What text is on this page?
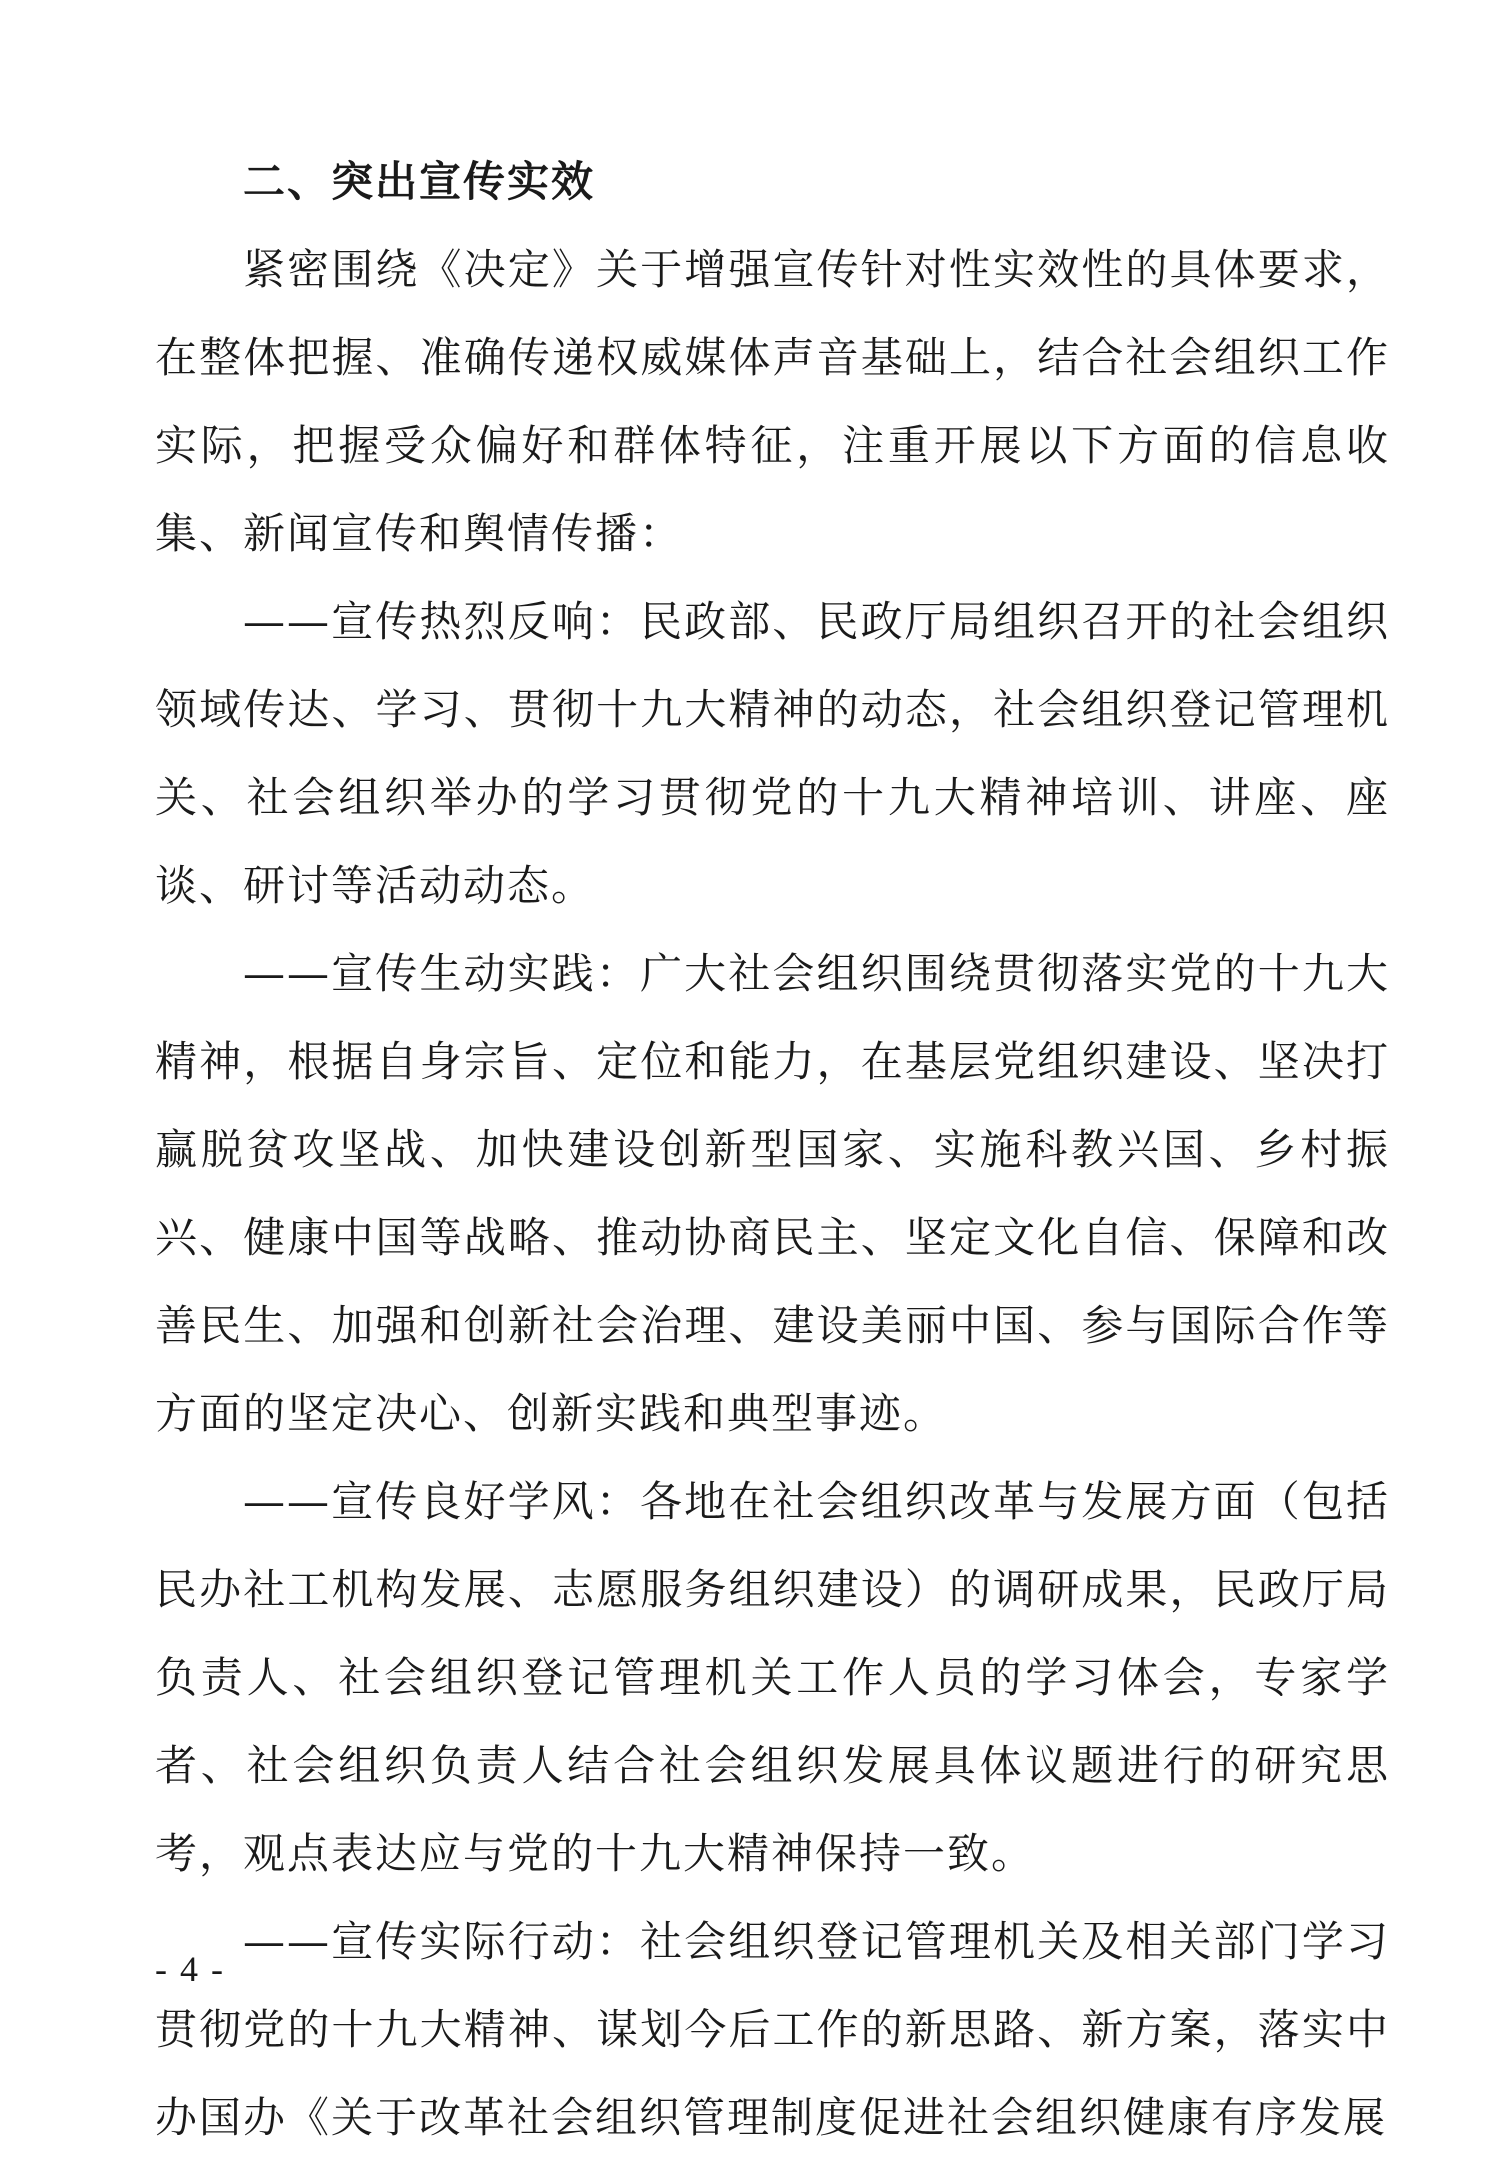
二、突出宣传实效

紧密围绕《决定》关于增强宣传针对性实效性的具体要求，在整体把握、准确传递权威媒体声音基础上，结合社会组织工作实际，把握受众偏好和群体特征，注重开展以下方面的信息收集、新闻宣传和舆情传播：

——宣传热烈反响：民政部、民政厅局组织召开的社会组织领域传达、学习、贯彻十九大精神的动态，社会组织登记管理机关、社会组织举办的学习贯彻党的十九大精神培训、讲座、座谈、研讨等活动动态。

——宣传生动实践：广大社会组织围绕贯彻落实党的十九大精神，根据自身宗旨、定位和能力，在基层党组织建设、坚决打赢脱贫攻坚战、加快建设创新型国家、实施科教兴国、乡村振兴、健康中国等战略、推动协商民主、坚定文化自信、保障和改善民生、加强和创新社会治理、建设美丽中国、参与国际合作等方面的坚定决心、创新实践和典型事迹。

——宣传良好学风：各地在社会组织改革与发展方面（包括民办社工机构发展、志愿服务组织建设）的调研成果，民政厅局负责人、社会组织登记管理机关工作人员的学习体会，专家学者、社会组织负责人结合社会组织发展具体议题进行的研究思考，观点表达应与党的十九大精神保持一致。

——宣传实际行动：社会组织登记管理机关及相关部门学习贯彻党的十九大精神、谋划今后工作的新思路、新方案，落实中办国办《关于改革社会组织管理制度促进社会组织健康有序发展

- 4 -
